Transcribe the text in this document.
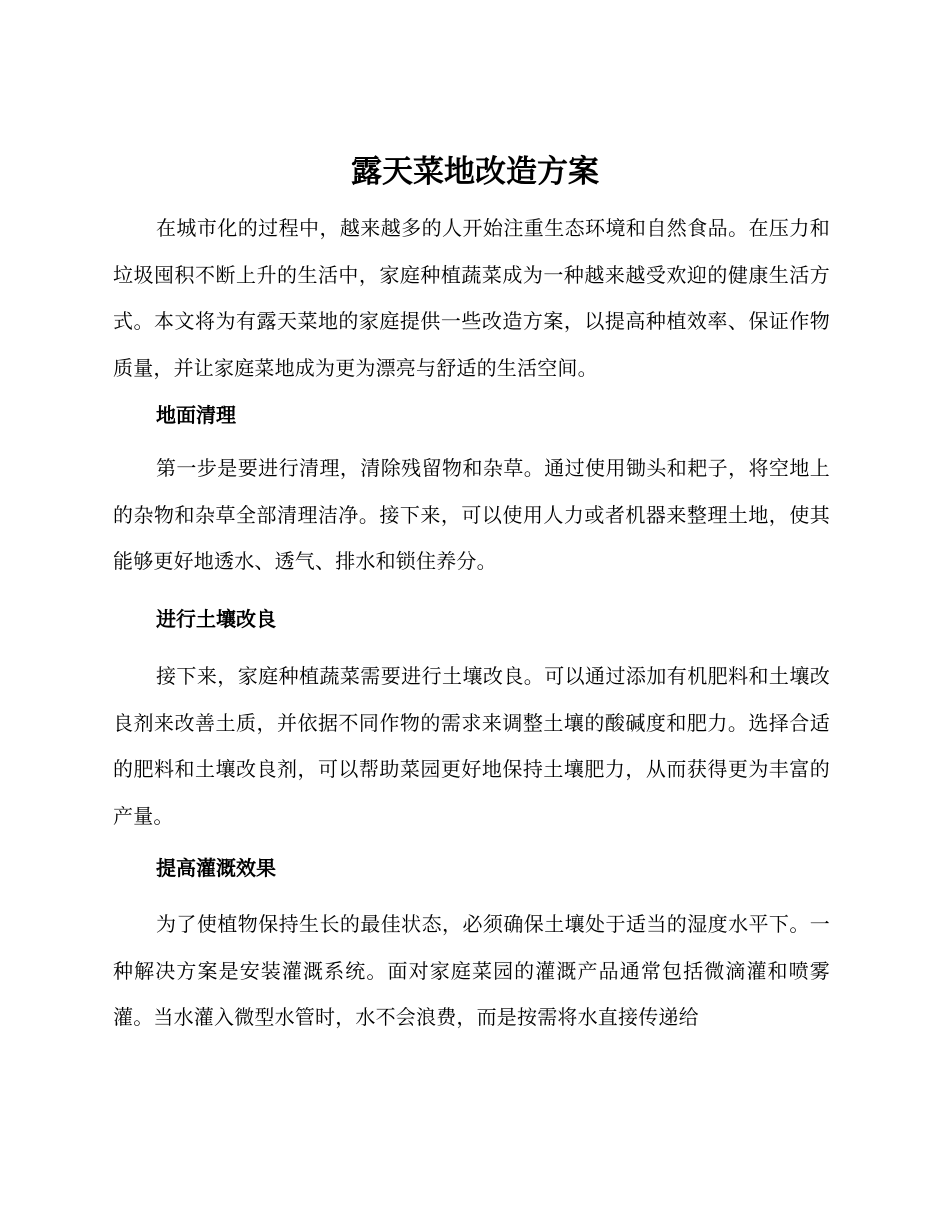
露天菜地改造方案

在城市化的过程中，越来越多的人开始注重生态环境和自然食品。在压力和垃圾囤积不断上升的生活中，家庭种植蔬菜成为一种越来越受欢迎的健康生活方式。本文将为有露天菜地的家庭提供一些改造方案，以提高种植效率、保证作物质量，并让家庭菜地成为更为漂亮与舒适的生活空间。

地面清理

第一步是要进行清理，清除残留物和杂草。通过使用锄头和耙子，将空地上的杂物和杂草全部清理洁净。接下来，可以使用人力或者机器来整理土地，使其能够更好地透水、透气、排水和锁住养分。

进行土壤改良

接下来，家庭种植蔬菜需要进行土壤改良。可以通过添加有机肥料和土壤改良剂来改善土质，并依据不同作物的需求来调整土壤的酸碱度和肥力。选择合适的肥料和土壤改良剂，可以帮助菜园更好地保持土壤肥力，从而获得更为丰富的产量。

提高灌溉效果

为了使植物保持生长的最佳状态，必须确保土壤处于适当的湿度水平下。一种解决方案是安装灌溉系统。面对家庭菜园的灌溉产品通常包括微滴灌和喷雾灌。当水灌入微型水管时，水不会浪费，而是按需将水直接传递给
